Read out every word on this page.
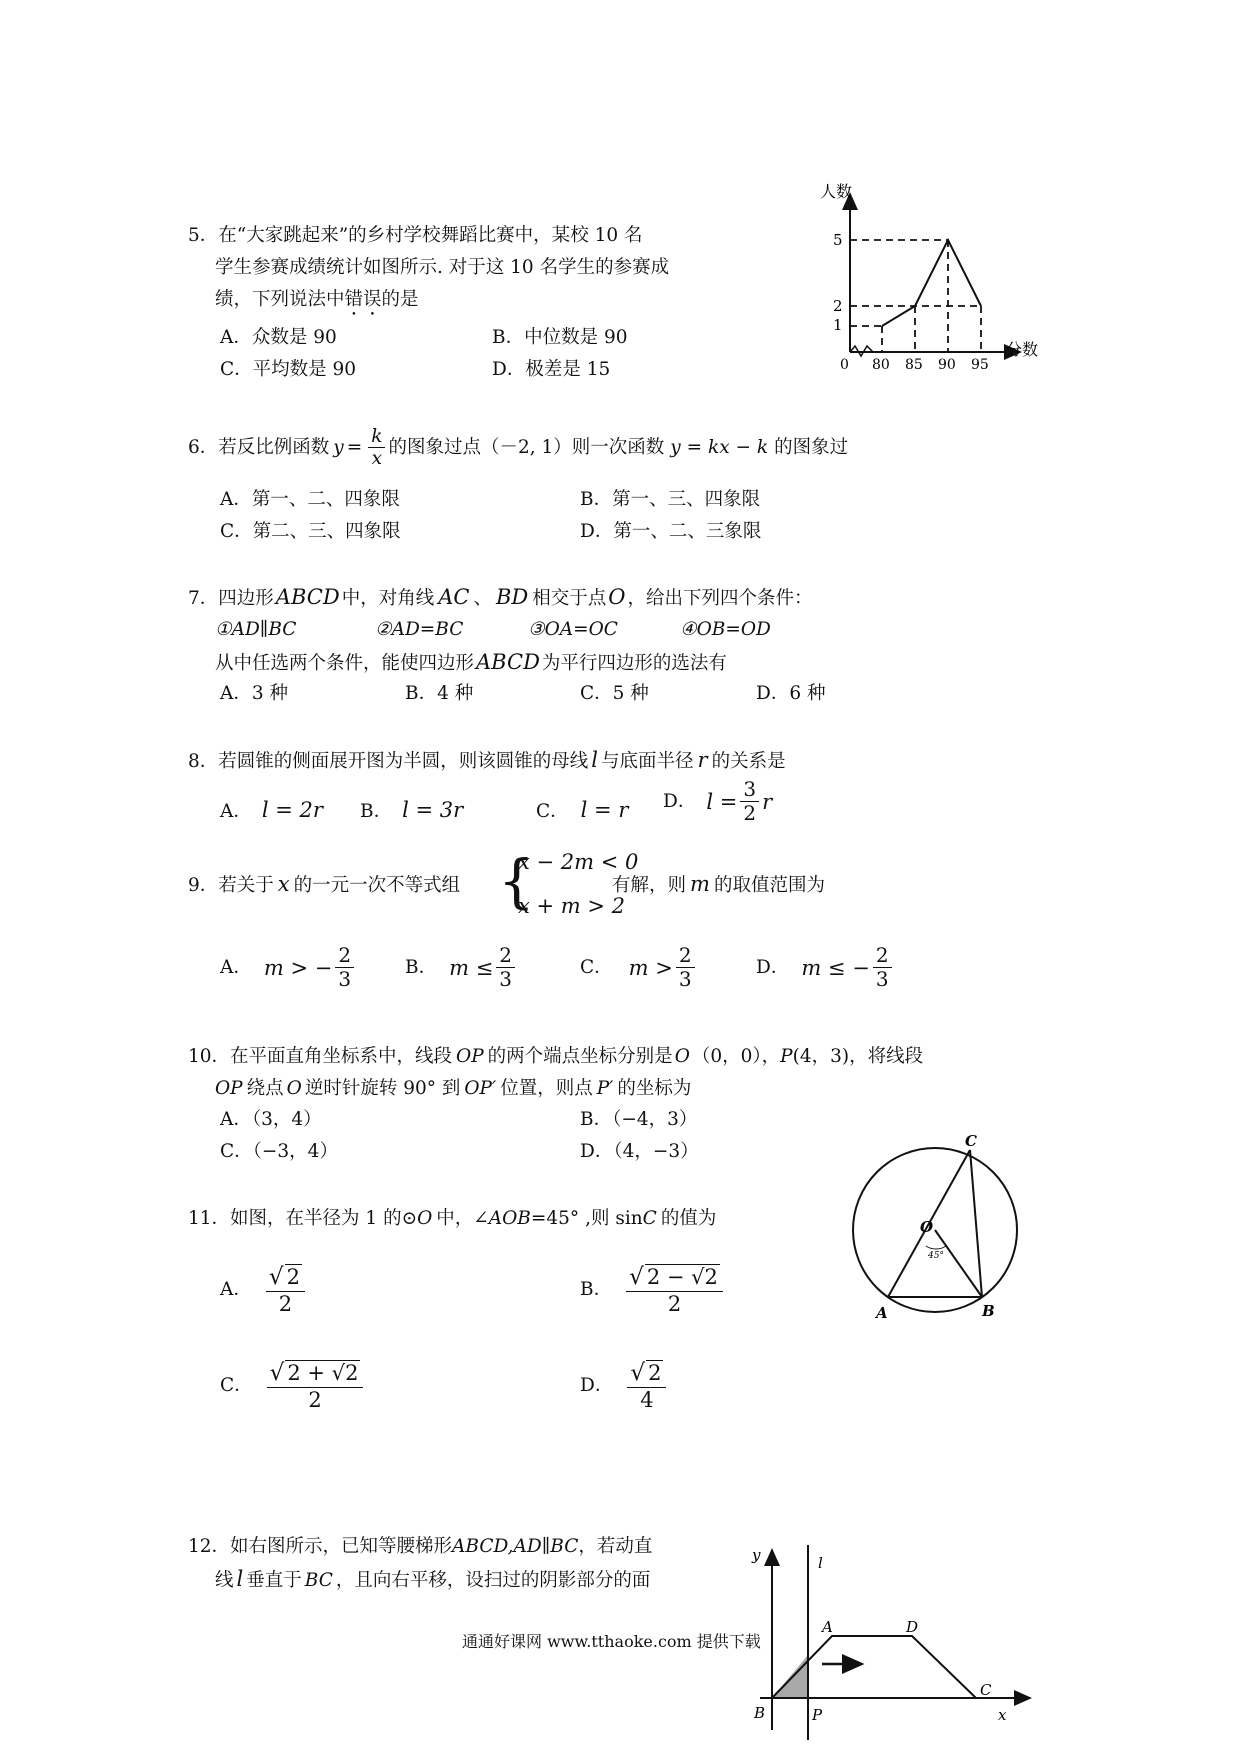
5．在“大家跳起来”的乡村学校舞蹈比赛中，某校 10 名
学生参赛成绩统计如图所示. 对于这 10 名学生的参赛成
绩，下列说法中错误的是
A．众数是 90	B．中位数是 90
C．平均数是 90	D．极差是 15
人数
分数
5
2
1
0 80 85 90 95
6．若反比例函数 $y = \frac{k}{x}$ 的图象过点（－2, 1）则一次函数 y = kx − k 的图象过
A．第一、二、四象限	B．第一、三、四象限
C．第二、三、四象限	D．第一、二、三象限
7．四边形ABCD 中，对角线 AC 、 BD 相交于点O ，给出下列四个条件：
①AD∥BC	②AD=BC	③OA=OC	④OB=OD
从中任选两个条件，能使四边形ABCD 为平行四边形的选法有
A．3 种	B．4 种	C．5 种	D．6 种
8．若圆锥的侧面展开图为半圆，则该圆锥的母线 l 与底面半径 r 的关系是
A． l = 2r B． l = 3r	C． l = r D． $l = \frac{3}{2}$ r
9．若关于 x 的一元一次不等式组 {
x − 2m < 0
x + m > 2
有解，则 m 的取值范围为
A． m > − $\frac{2}{3}$	B． $m \le \frac{2}{3}$	C． $m > \frac{2}{3}$	D． m ≤ − $\frac{2}{3}$
10．在平面直角坐标系中，线段 OP 的两个端点坐标分别是 O （0，0），P(4，3)，将线段
OP 绕点 O 逆时针旋转 90° 到 OP′ 位置，则点 P′ 的坐标为
A．（3，4）	B．（−4，3）
C．（−3，4）	D．（4，−3）
11．如图，在半径为 1 的⊙O 中，∠AOB=45° ,则 sinC 的值为
A． $\frac{√ 2}{2}$	B． $\frac{√ 2 - √2}{2}$
C． $\frac{√ 2 + √2}{2}$	D． $\frac{√ 2}{4}$
C
O
45°
A	B
12．如右图所示，已知等腰梯形ABCD,AD∥BC，若动直
线 l 垂直于 BC ，且向右平移，设扫过的阴影部分的面
y	l
A	D
C
B	P	x
通通好课网 www.tthaoke.com 提供下载
